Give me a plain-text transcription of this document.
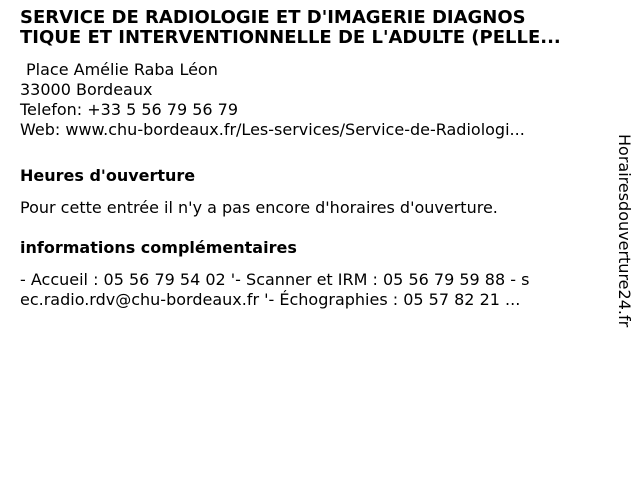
SERVICE DE RADIOLOGIE ET D'IMAGERIE DIAGNOS
TIQUE ET INTERVENTIONNELLE DE L'ADULTE (PELLE...
Place Amélie Raba Léon
33000 Bordeaux
Telefon: +33 5 56 79 56 79
Web: www.chu-bordeaux.fr/Les-services/Service-de-Radiologi...
Heures d'ouverture
Pour cette entrée il n'y a pas encore d'horaires d'ouverture.
informations complémentaires
- Accueil : 05 56 79 54 02 '- Scanner et IRM : 05 56 79 59 88 - s
ec.radio.rdv@chu-bordeaux.fr '- Échographies : 05 57 82 21 ...	Horairesdouverture24.fr
